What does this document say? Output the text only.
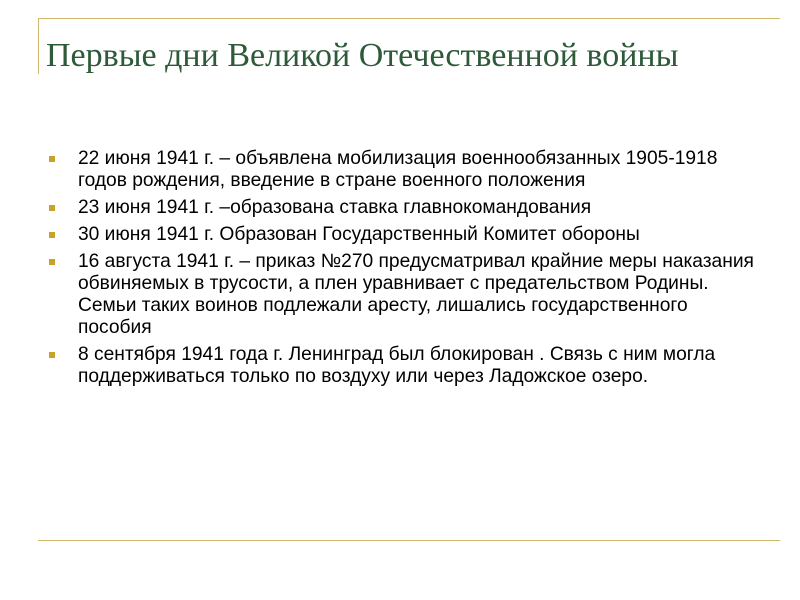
Первые дни Великой Отечественной войны
22 июня 1941 г. – объявлена мобилизация военнообязанных 1905-1918 годов рождения, введение в стране военного положения
23 июня 1941 г. –образована ставка главнокомандования
30 июня 1941 г. Образован Государственный Комитет обороны
16 августа 1941 г. – приказ №270 предусматривал крайние меры наказания обвиняемых в трусости, а плен уравнивает с предательством Родины. Семьи таких воинов подлежали аресту, лишались государственного пособия
8 сентября 1941 года г. Ленинград был блокирован . Связь с ним могла поддерживаться только по воздуху или через Ладожское озеро.
